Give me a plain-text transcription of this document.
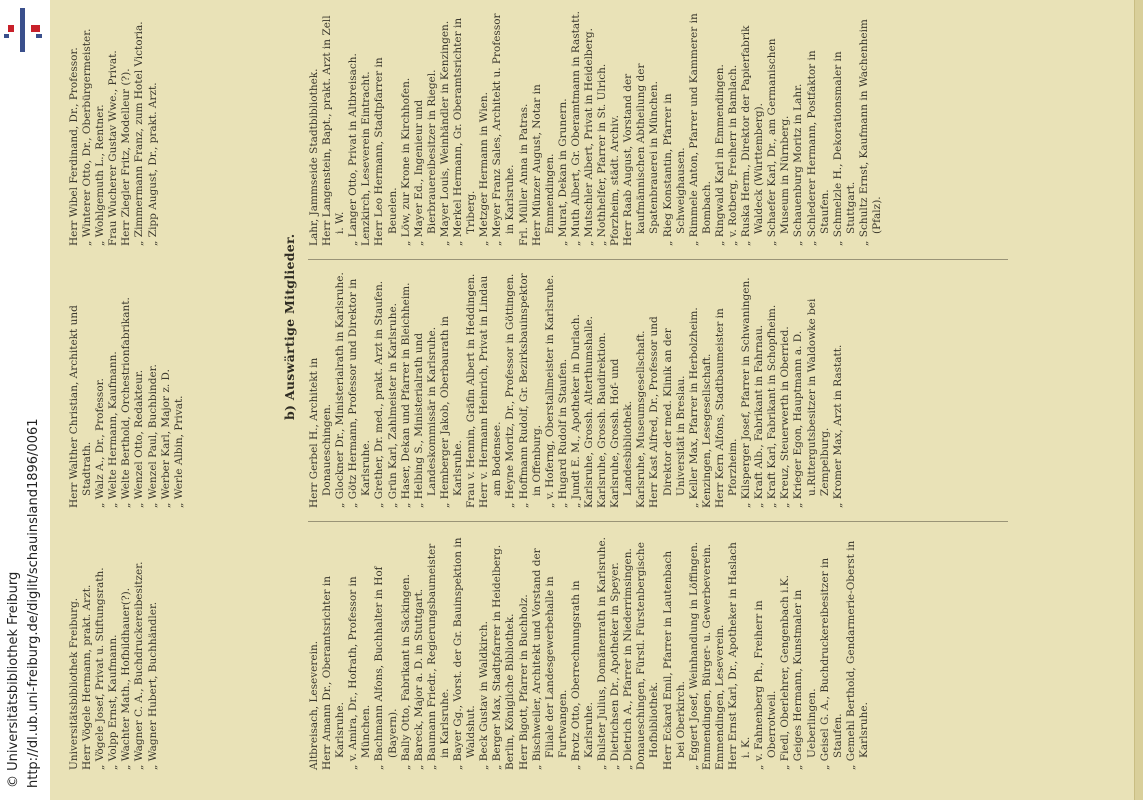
http://dl.ub.uni-freiburg.de/diglit/schauinsland1896/0061
© Universitätsbibliothek Freiburg	Universitätsbibliothek Freiburg. Herr Vögele Hermann, prakt. Arzt. „ Vögele Josef, Privat u. Stiftungsrath. „ Volpp Ernst, Kaufmann. „ Wachter Math., Hofbildhauer(?). „ Wagner C. A., Buchdruckereibesitzer. „ Wagner Hubert, Buchhändler.

Herr Walther Christian, Architekt und Stadtrath. „ Walz A., Dr., Professor. „ Welte Hermann, Kaufmann. „ Welte Berthold, Orchestrionfabrikant. „ Wenzel Otto, Redakteur. „ Wenzel Paul, Buchbinder. „ Werber Karl, Major z. D. „ Werle Albin, Privat.

Herr Wibel Ferdinand, Dr., Professor. „ Winterer Otto, Dr., Oberbürgermeister. „ Wohlgemuth L., Rentner. Frau Wucherer Gustav Wwe., Privat. Herr Ziegler Fritz, Modelleur (?). „ Zimmermann Franz, zum Hotel Victoria. „ Zipp August, Dr., prakt. Arzt.

b) Auswärtige Mitglieder.

Altbreisach, Leseverein. Herr Amann Dr., Oberamtsrichter in Karlsruhe. „ v. Amira, Dr., Hofrath, Professor in München. „ Bachmann Alfons, Buchhalter in Hof (Bayern). „ Bally Otto, Fabrikant in Säckingen. „ Bareck, Major a. D. in Stuttgart. „ Baumann Friedr., Regierungsbaumeister in Karlsruhe. „ Bayer Gg., Vorst. der Gr. Bauinspektion in Waldshut. „ Beck Gustav in Waldkirch. „ Berger Max, Stadtpfarrer in Heidelberg. Berlin, Königliche Bibliothek. Herr Bigott, Pfarrer in Buchholz. „ Bischweiler, Architekt und Vorstand der Filiale der Landesgewerbehalle in Furtwangen. „ Brotz Otto, Oberrechnungsrath in Karlsruhe. „ Bulster Julius, Domänenrath in Karlsruhe. „ Dietrichsen Dr., Apotheker in Speyer. „ Dietrich A., Pfarrer in Niederrimsingen. Donaueschingen, Fürstl. Fürstenbergische Hofbibliothek. Herr Eckard Emil, Pfarrer in Lautenbach bei Oberkirch. „ Eggert Josef, Weinhandlung in Löffingen. Emmendingen, Bürger- u. Gewerbeverein. Emmendingen, Leseverein. Herr Ernst Karl, Dr., Apotheker in Haslach i. K. „ v. Fahnenberg Ph., Freiherr in Oberrotweil. „ Fiedl, Oberlehrer, Gengenbach i.K. „ Geiges Hermann, Kunstmaler in Ueberlingen. „ Geisel G. A., Buchdruckereibesitzer in Staufen. „ Gemehl Berthold, Gendarmerie-Oberst in Karlsruhe.

Herr Gerbel H., Architekt in Donaueschingen. „ Glockner Dr., Ministerialrath in Karlsruhe. „ Götz Hermann, Professor und Direktor in Karlsruhe. „ Grether, Dr. med., prakt. Arzt in Staufen. „ Grün Karl, Zahlmeister in Karlsruhe. „ Haser, Dekan und Pfarrer in Bleichheim. „ Helbing S., Ministerialrath und Landeskommissär in Karlsruhe. „ Hemberger Jakob, Oberbaurath in Karlsruhe. Frau v. Hennin, Gräfin Albert in Heddingen. Herr v. Hermann Heinrich, Privat in Lindau am Bodensee. „ Heyne Moritz, Dr., Professor in Göttingen. „ Hoffmann Rudolf, Gr. Bezirksbauinspektor in Offenburg. „ v. Hoferng, Oberstallmeister in Karlsruhe. „ Hugard Rudolf in Staufen. „ Jundt E. M., Apotheker in Durlach. Karlsruhe, Grossh. Alterthumshalle. Karlsruhe, Grossh. Baudirektion. Karlsruhe, Grossh. Hof- und Landesbibliothek. Karlsruhe, Museumsgesellschaft. Herr Kast Alfred, Dr., Professor und Direktor der med. Klinik an der Universität in Breslau. „ Keller Max, Pfarrer in Herbolzheim. Kenzingen, Lesegesellschaft. Herr Kern Alfons, Stadtbaumeister in Pforzheim. „ Kilsperger Josef, Pfarrer in Schwaningen. „ Kraft Alb., Fabrikant in Fahrnau. „ Kraft Karl, Fabrikant in Schopfheim. „ Kreuz, Steuerwerth in Oberried. „ Krieger Egon, Hauptmann a. D. u.Rittergutsbesitzer in Waldowke bei Zempelburg. „ Kromer Max, Arzt in Rastatt.

Lahr, Jammseide Stadtbibliothek. Herr Langenstein, Bapt., prakt. Arzt in Zell i. W. „ Langer Otto, Privat in Altbreisach. Lenzkirch, Leseverein Eintracht. Herr Leo Hermann, Stadtpfarrer in Beuelen. „ Löw, zur Krone in Kirchhofen. „ Mayer Ed., Ingenieur und Bierbrauereibesitzer in Riegel. „ Mayer Louis, Weinhändler in Kenzingen. „ Merkel Hermann, Gr. Oberamtsrichter in Triberg. „ Metzger Hermann in Wien. „ Meyer Franz Sales, Architekt u. Professor in Karlsruhe. Frl. Müller Anna in Patras. Herr Münzer August, Notar in Emmendingen. „ Murat, Dekan in Grunern. „ Muth Albert, Gr. Oberamtmann in Rastatt. „ Mutschler Albert, Privat in Heidelberg. „ Nothhelfer, Pfarrer in St. Ulrich. Pforzheim, städt. Archiv. Herr Raab August, Vorstand der kaufmännischen Abtheilung der Spatenbrauerei in München. „ Rieg Konstantin, Pfarrer in Schweighausen. „ Rimmele Anton, Pfarrer und Kammerer in Bombach. „ Ringwald Karl in Emmendingen. „ v. Rotberg, Freiherr in Bamlach. „ Ruska Herm., Direktor der Papierfabrik Waldeck (Württemberg). „ Schaefer Karl, Dr., am Germanischen Museum in Nürnberg. „ Schauenburg Moritz in Lahr. „ Schlederer Hermann, Postfaktor in Staufen. „ Schmelzle H., Dekorationsmaler in Stuttgart. „ Schultz Ernst, Kaufmann in Wachenheim (Pfalz).
